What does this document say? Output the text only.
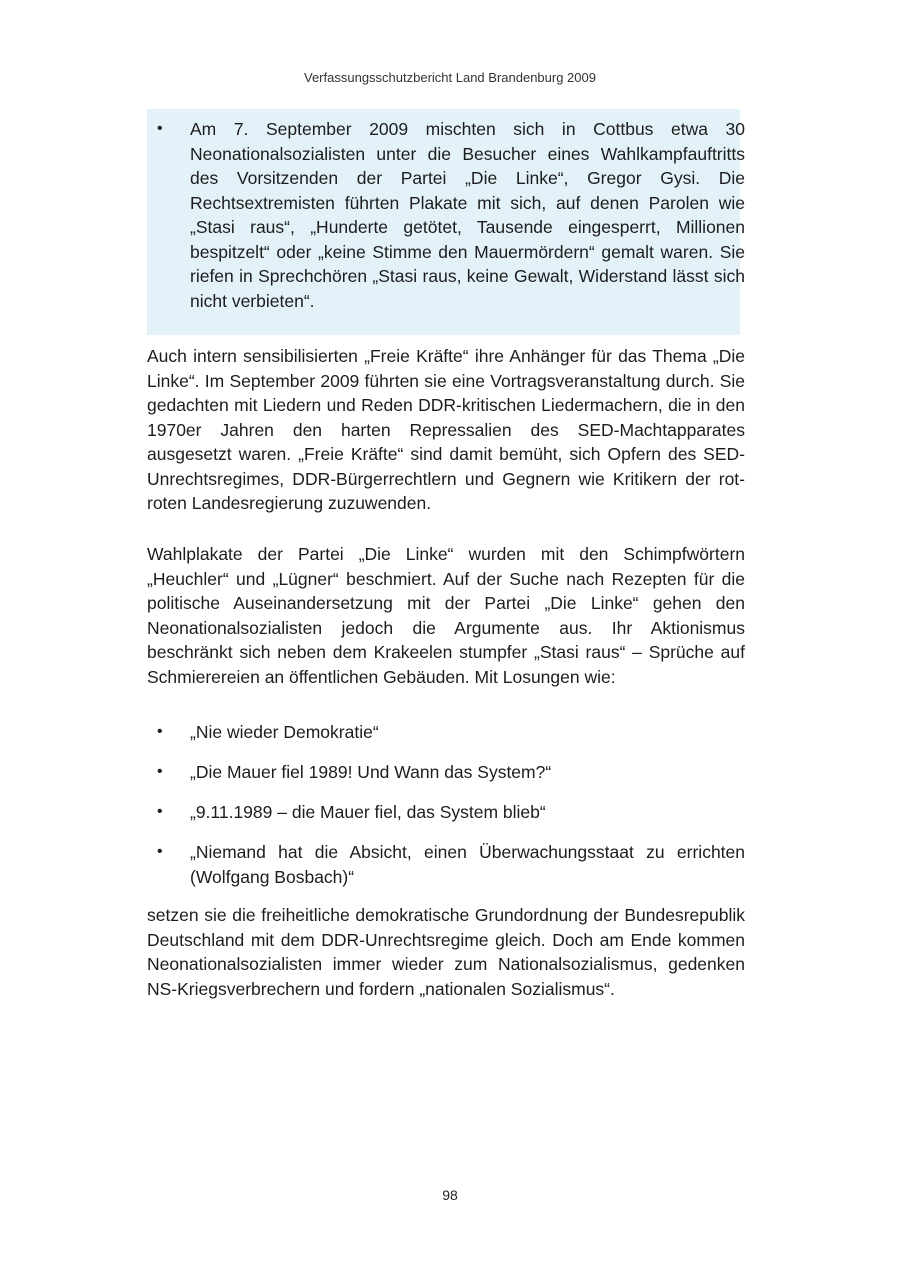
Verfassungsschutzbericht Land Brandenburg 2009
•	Am 7. September 2009 mischten sich in Cottbus etwa 30 Neonationalsozialisten unter die Besucher eines Wahlkampfauftritts des Vorsitzenden der Partei „Die Linke“, Gregor Gysi. Die Rechtsextremisten führten Plakate mit sich, auf denen Parolen wie „Stasi raus“, „Hunderte getötet, Tausende eingesperrt, Millionen bespitzelt“ oder „keine Stimme den Mauermördern“ gemalt waren. Sie riefen in Sprechchören „Stasi raus, keine Gewalt, Widerstand lässt sich nicht verbieten“.
Auch intern sensibilisierten „Freie Kräfte“ ihre Anhänger für das Thema „Die Linke“. Im September 2009 führten sie eine Vortragsveranstaltung durch. Sie gedachten mit Liedern und Reden DDR-kritischen Liedermachern, die in den 1970er Jahren den harten Repressalien des SED-Machtapparates ausgesetzt waren. „Freie Kräfte“ sind damit bemüht, sich Opfern des SED-Unrechtsregimes, DDR-Bürgerrechtlern und Gegnern wie Kritikern der rot-roten Landesregierung zuzuwenden.
Wahlplakate der Partei „Die Linke“ wurden mit den Schimpfwörtern „Heuchler“ und „Lügner“ beschmiert. Auf der Suche nach Rezepten für die politische Auseinandersetzung mit der Partei „Die Linke“ gehen den Neonationalsozialisten jedoch die Argumente aus. Ihr Aktionismus beschränkt sich neben dem Krakeelen stumpfer „Stasi raus“ – Sprüche auf Schmierereien an öffentlichen Gebäuden. Mit Losungen wie:
•	„Nie wieder Demokratie“
•	„Die Mauer fiel 1989! Und Wann das System?“
•	„9.11.1989 – die Mauer fiel, das System blieb“
•	„Niemand hat die Absicht, einen Überwachungsstaat zu errichten (Wolfgang Bosbach)“
setzen sie die freiheitliche demokratische Grundordnung der Bundesrepublik Deutschland mit dem DDR-Unrechtsregime gleich. Doch am Ende kommen Neonationalsozialisten immer wieder zum Nationalsozialismus, gedenken NS-Kriegsverbrechern und fordern „nationalen Sozialismus“.
98
